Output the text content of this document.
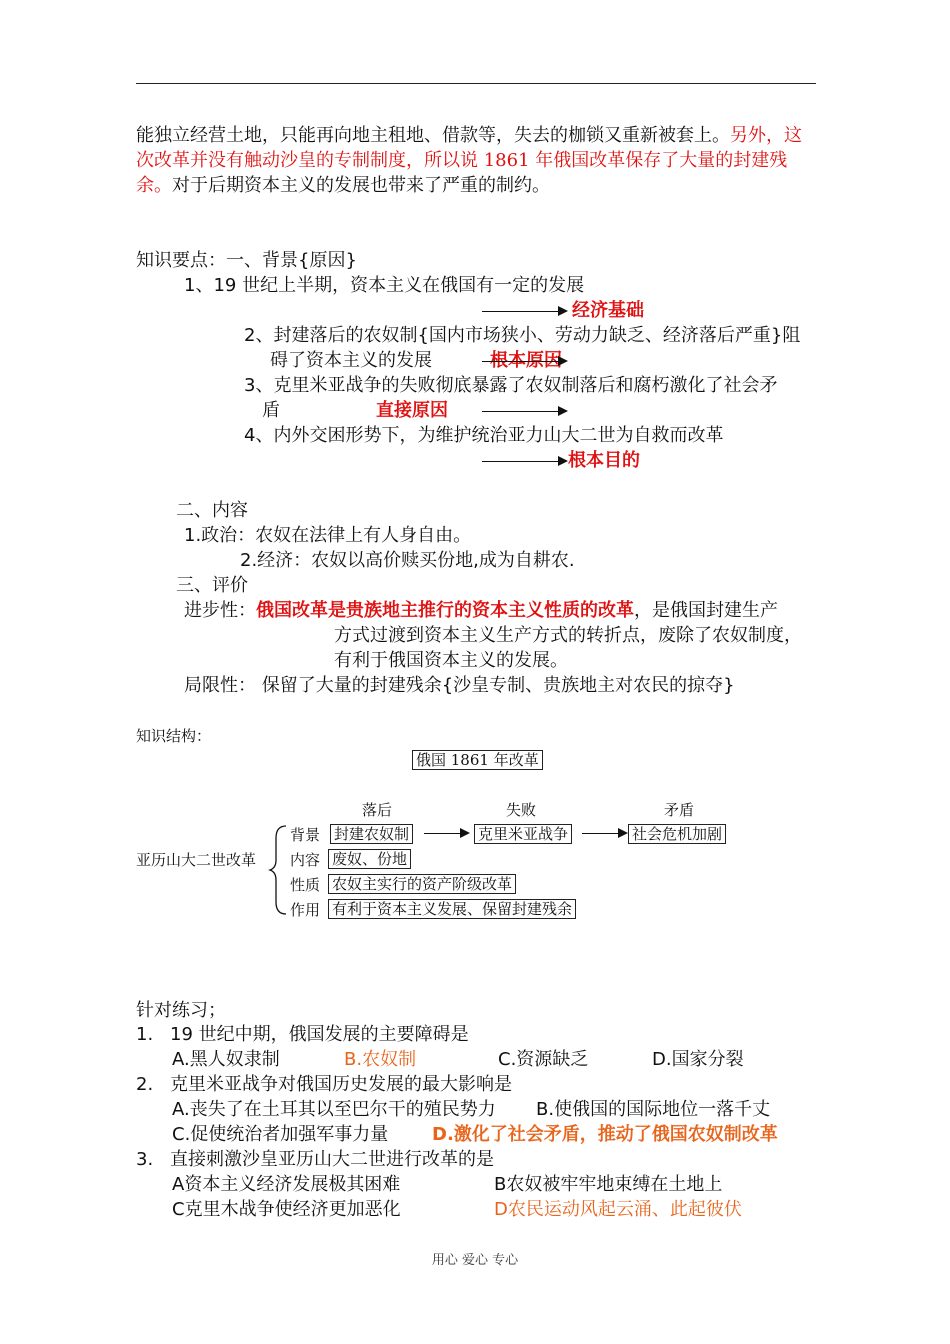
能独立经营土地，只能再向地主租地、借款等，失去的枷锁又重新被套上。另外，这
次改革并没有触动沙皇的专制制度，所以说 1861 年俄国改革保存了大量的封建残
余。对于后期资本主义的发展也带来了严重的制约。
知识要点：一、背景{原因}
1、19 世纪上半期，资本主义在俄国有一定的发展
经济基础
2、封建落后的农奴制{国内市场狭小、劳动力缺乏、经济落后严重}阻
碍了资本主义的发展	根本原因
3、克里米亚战争的失败彻底暴露了农奴制落后和腐朽激化了社会矛
盾	直接原因
4、内外交困形势下，为维护统治亚力山大二世为自救而改革
根本目的
二、内容
1.政治：农奴在法律上有人身自由。
2.经济：农奴以高价赎买份地,成为自耕农.
三、评价
进步性：俄国改革是贵族地主推行的资本主义性质的改革，是俄国封建生产
方式过渡到资本主义生产方式的转折点，废除了农奴制度，
有利于俄国资本主义的发展。
局限性： 保留了大量的封建残余{沙皇专制、贵族地主对农民的掠夺}
知识结构：
俄国 1861 年改革
落后	失败	矛盾
亚历山大二世改革
背景 封建农奴制	克里米亚战争	社会危机加剧
内容 废奴、份地
性质 农奴主实行的资产阶级改革
作用 有利于资本主义发展、保留封建残余
针对练习；
1. 19 世纪中期，俄国发展的主要障碍是
A.黑人奴隶制	B.农奴制	C.资源缺乏	D.国家分裂
2. 克里米亚战争对俄国历史发展的最大影响是
A.丧失了在土耳其以至巴尔干的殖民势力 B.使俄国的国际地位一落千丈
C.促使统治者加强军事力量 D.激化了社会矛盾，推动了俄国农奴制改革
3. 直接刺激沙皇亚历山大二世进行改革的是
A资本主义经济发展极其困难	B农奴被牢牢地束缚在土地上
C克里木战争使经济更加恶化	D农民运动风起云涌、此起彼伏
用心 爱心 专心
